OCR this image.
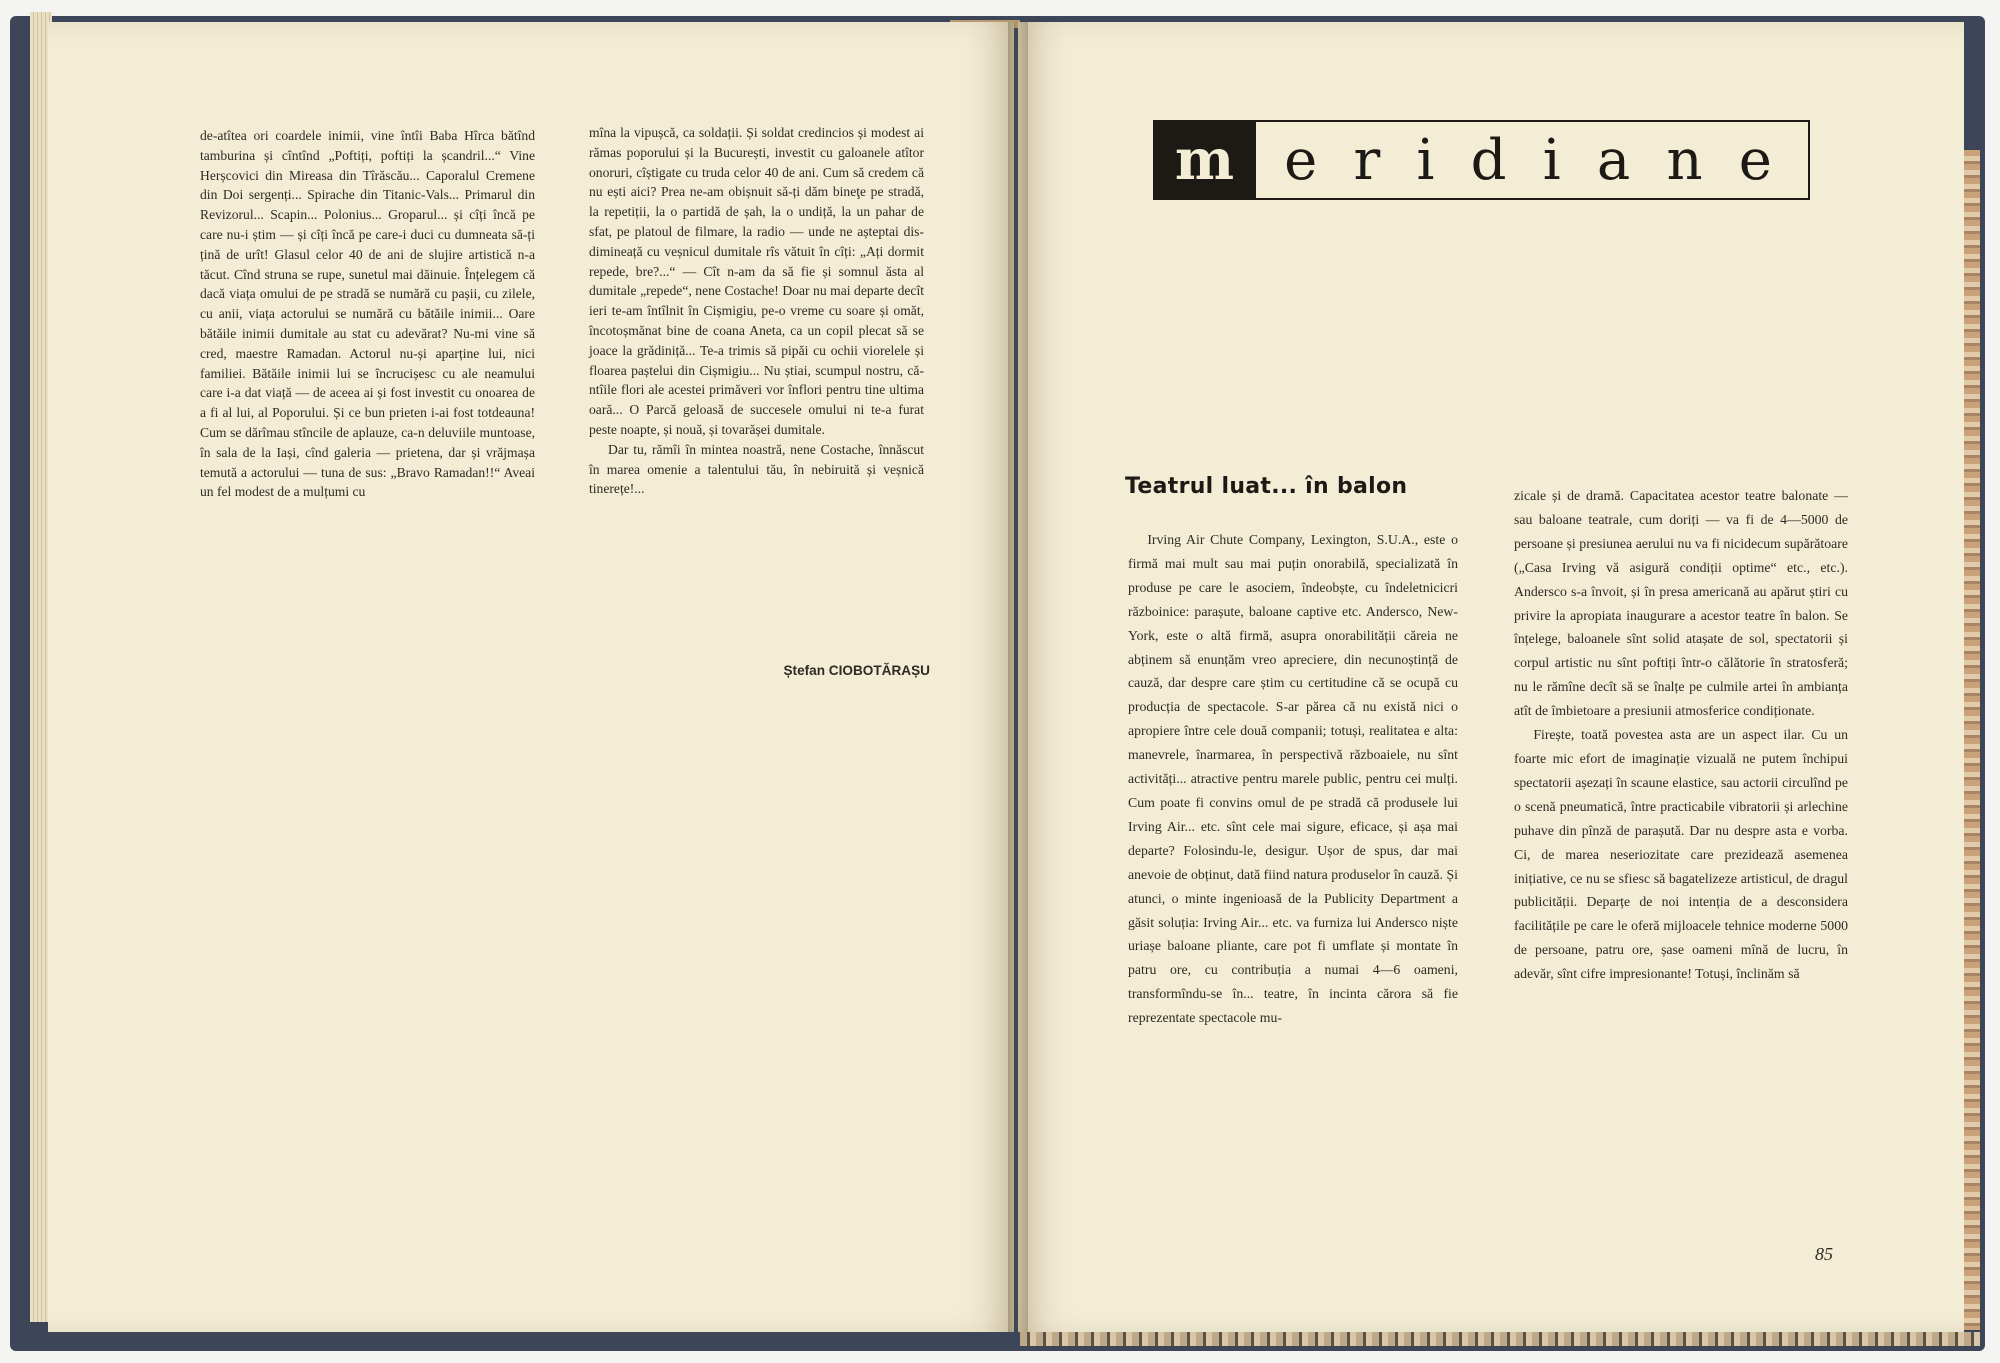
de-atîtea ori coardele inimii, vine întîi Baba Hîrca bătînd tamburina și cîntînd „Poftiți, poftiți la șcandril...“ Vine Herșcovici din Mireasa din Tîrăscău... Caporalul Cremene din Doi sergenți... Spirache din Titanic-Vals... Primarul din Revizorul... Scapin... Polonius... Groparul... și cîți încă pe care nu-i știm — și cîți încă pe care-i duci cu dumneata să-ți țină de urît! Glasul celor 40 de ani de slujire artistică n-a tăcut. Cînd struna se rupe, sunetul mai dăinuie. Înțelegem că dacă viața omului de pe stradă se numără cu pașii, cu zilele, cu anii, viața actorului se numără cu bătăile inimii... Oare bătăile inimii dumitale au stat cu adevărat? Nu-mi vine să cred, maestre Ramadan. Actorul nu-și aparține lui, nici familiei. Bătăile inimii lui se încrucișesc cu ale neamului care i-a dat viață — de aceea ai și fost investit cu onoarea de a fi al lui, al Poporului. Și ce bun prieten i-ai fost totdeauna! Cum se dărîmau stîncile de aplauze, ca-n deluviile muntoase, în sala de la Iași, cînd galeria — prietena, dar și vrăjmașa temută a actorului — tuna de sus: „Bravo Ramadan!!“ Aveai un fel modest de a mulțumi cu

mîna la vipușcă, ca soldații. Și soldat credincios și modest ai rămas poporului și la București, investit cu galoanele atîtor onoruri, cîștigate cu truda celor 40 de ani. Cum să credem că nu ești aici? Prea ne-am obișnuit să-ți dăm bineţe pe stradă, la repetiții, la o partidă de șah, la o undiță, la un pahar de sfat, pe platoul de filmare, la radio — unde ne așteptai dis-dimineață cu veșnicul dumitale rîs vătuit în cîți: „Ați dormit repede, bre?...“ — Cît n-am da să fie și somnul ăsta al dumitale „repede“, nene Costache! Doar nu mai departe decît ieri te-am întîlnit în Cișmigiu, pe-o vreme cu soare și omăt, încotoșmănat bine de coana Aneta, ca un copil plecat să se joace la grădiniță... Te-a trimis să pipăi cu ochii viorelele și floarea paștelui din Cișmigiu... Nu știai, scumpul nostru, că-ntîile flori ale acestei primăveri vor înflori pentru tine ultima oară... O Parcă geloasă de succesele omului ni te-a furat peste noapte, și nouă, și tovarășei dumitale.

Dar tu, rămîi în mintea noastră, nene Costache, înnăscut în marea omenie a talentului tău, în nebiruită și veșnică tinerețe!...

Ștefan CIOBOTĂRAȘU
m e r i d i a n e
Teatrul luat... în balon

Irving Air Chute Company, Lexington, S.U.A., este o firmă mai mult sau mai puțin onorabilă, specializată în produse pe care le asociem, îndeobște, cu îndeletnicicri războinice: parașute, baloane captive etc. Andersco, New-York, este o altă firmă, asupra onorabilității căreia ne abținem să enunțăm vreo apreciere, din necunoștință de cauză, dar despre care știm cu certitudine că se ocupă cu producția de spectacole. S-ar părea că nu există nici o apropiere între cele două companii; totuși, realitatea e alta: manevrele, înarmarea, în perspectivă războaiele, nu sînt activități... atractive pentru marele public, pentru cei mulți. Cum poate fi convins omul de pe stradă că produsele lui Irving Air... etc. sînt cele mai sigure, eficace, și așa mai departe? Folosindu-le, desigur. Ușor de spus, dar mai anevoie de obținut, dată fiind natura produselor în cauză. Și atunci, o minte ingenioasă de la Publicity Department a găsit soluția: Irving Air... etc. va furniza lui Andersco niște uriașe baloane pliante, care pot fi umflate și montate în patru ore, cu contribuția a numai 4—6 oameni, transformîndu-se în... teatre, în incinta cărora să fie reprezentate spectacole mu-

zicale și de dramă. Capacitatea acestor teatre balonate — sau baloane teatrale, cum doriți — va fi de 4—5000 de persoane și presiunea aerului nu va fi nicidecum supărătoare („Casa Irving vă asigură condiții optime“ etc., etc.). Andersco s-a învoit, și în presa americană au apărut știri cu privire la apropiata inaugurare a acestor teatre în balon. Se înțelege, baloanele sînt solid atașate de sol, spectatorii și corpul artistic nu sînt poftiți într-o călătorie în stratosferă; nu le rămîne decît să se înalțe pe culmile artei în ambianța atît de îmbietoare a presiunii atmosferice condiționate.

Firește, toată povestea asta are un aspect ilar. Cu un foarte mic efort de imaginație vizuală ne putem închipui spectatorii așezați în scaune elastice, sau actorii circulînd pe o scenă pneumatică, între practicabile vibratorii și arlechine puhave din pînză de parașută. Dar nu despre asta e vorba. Ci, de marea neseriozitate care prezidează asemenea inițiative, ce nu se sfiesc să bagatelizeze artisticul, de dragul publicității. Deparțe de noi intenția de a desconsidera facilitățile pe care le oferă mijloacele tehnice moderne 5000 de persoane, patru ore, șase oameni mînă de lucru, în adevăr, sînt cifre impresionante! Totuși, înclinăm să

85
